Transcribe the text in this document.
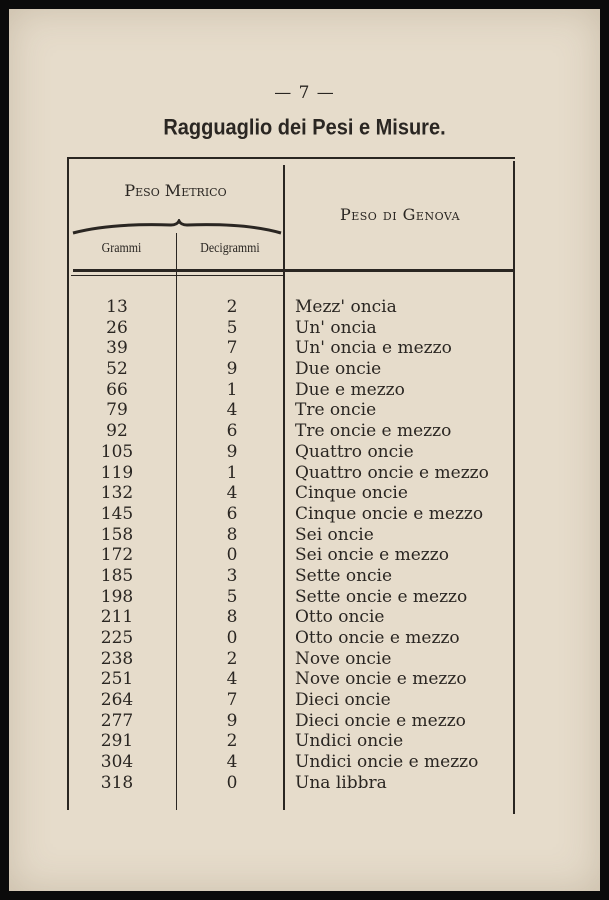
— 7 —
Ragguaglio dei Pesi e Misure.
Peso Metrico
Grammi	Decigrammi
Peso di Genova
13	2	Mezz' oncia
26	5	Un' oncia
39	7	Un' oncia e mezzo
52	9	Due oncie
66	1	Due e mezzo
79	4	Tre oncie
92	6	Tre oncie e mezzo
105	9	Quattro oncie
119	1	Quattro oncie e mezzo
132	4	Cinque oncie
145	6	Cinque oncie e mezzo
158	8	Sei oncie
172	0	Sei oncie e mezzo
185	3	Sette oncie
198	5	Sette oncie e mezzo
211	8	Otto oncie
225	0	Otto oncie e mezzo
238	2	Nove oncie
251	4	Nove oncie e mezzo
264	7	Dieci oncie
277	9	Dieci oncie e mezzo
291	2	Undici oncie
304	4	Undici oncie e mezzo
318	0	Una libbra
